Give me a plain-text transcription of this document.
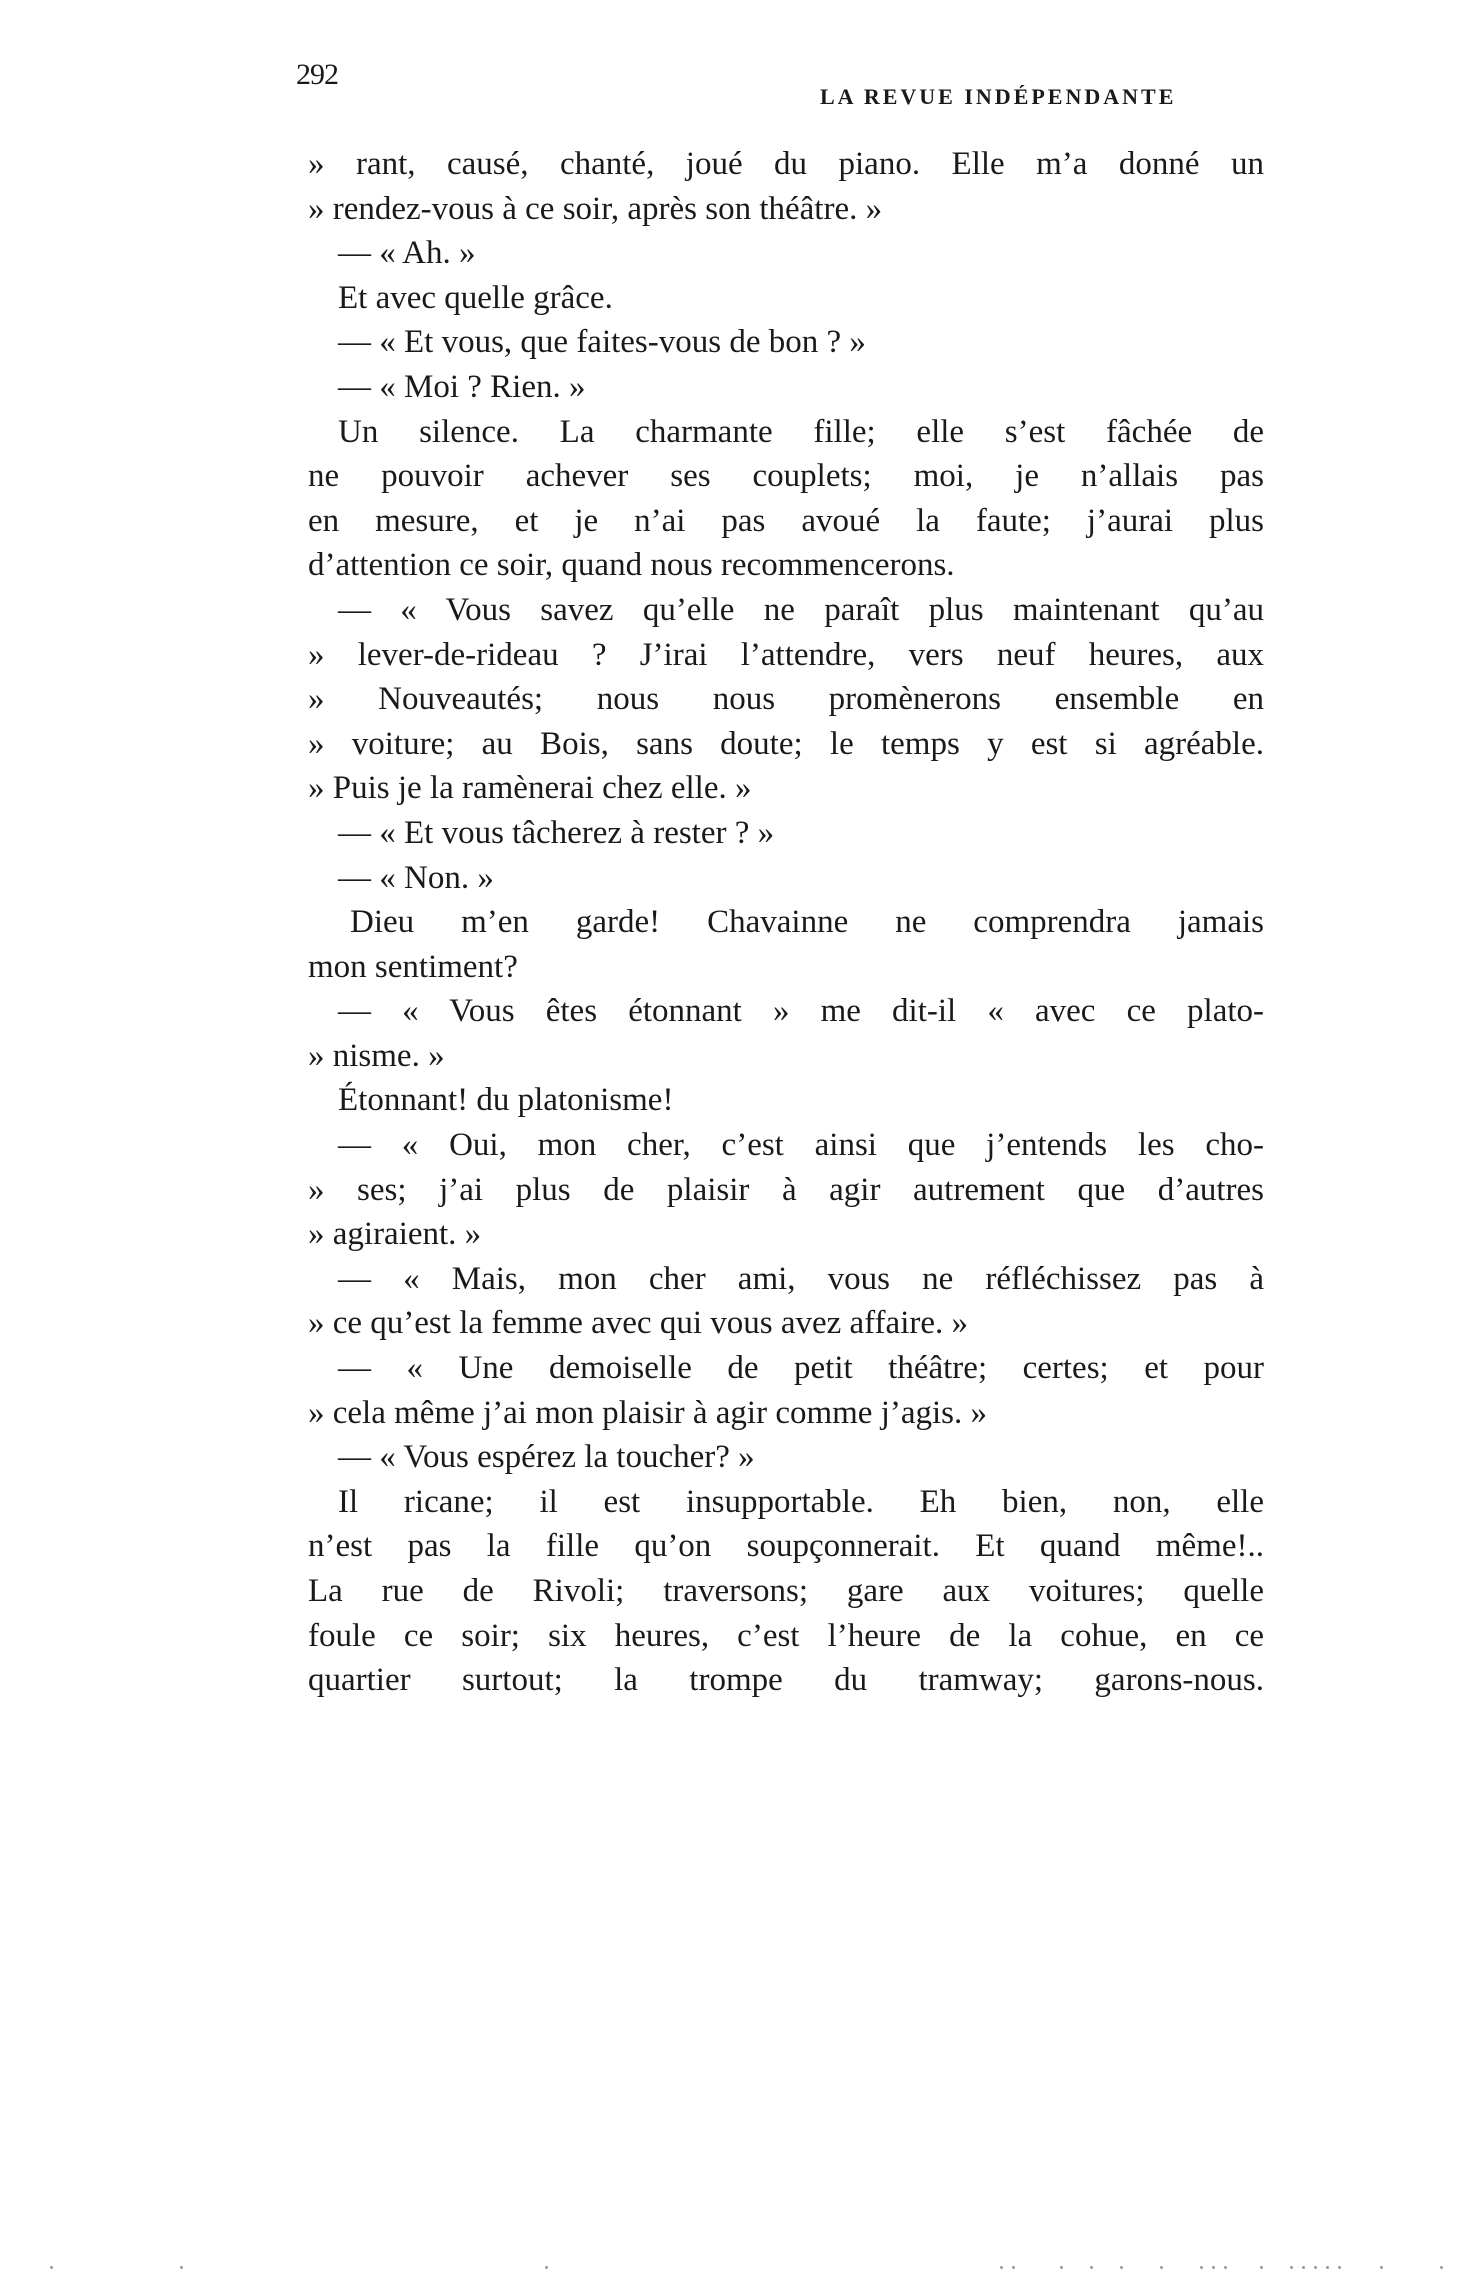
292
LA REVUE INDÉPENDANTE
» rant, causé, chanté, joué du piano. Elle m’a donné un
» rendez-vous à ce soir, après son théâtre. »
— « Ah. »
Et avec quelle grâce.
— « Et vous, que faites-vous de bon ? »
— « Moi ? Rien. »
Un silence. La charmante fille; elle s’est fâchée de
ne pouvoir achever ses couplets; moi, je n’allais pas
en mesure, et je n’ai pas avoué la faute; j’aurai plus
d’attention ce soir, quand nous recommencerons.
— « Vous savez qu’elle ne paraît plus maintenant qu’au
» lever-de-rideau ? J’irai l’attendre, vers neuf heures, aux
» Nouveautés; nous nous promènerons ensemble en
» voiture; au Bois, sans doute; le temps y est si agréable.
» Puis je la ramènerai chez elle. »
— « Et vous tâcherez à rester ? »
— « Non. »
Dieu m’en garde! Chavainne ne comprendra jamais
mon sentiment?
— « Vous êtes étonnant » me dit-il « avec ce plato-
» nisme. »
Étonnant! du platonisme!
— « Oui, mon cher, c’est ainsi que j’entends les cho-
» ses; j’ai plus de plaisir à agir autrement que d’autres
» agiraient. »
— « Mais, mon cher ami, vous ne réfléchissez pas à
» ce qu’est la femme avec qui vous avez affaire. »
— « Une demoiselle de petit théâtre; certes; et pour
» cela même j’ai mon plaisir à agir comme j’agis. »
— « Vous espérez la toucher? »
Il ricane; il est insupportable. Eh bien, non, elle
n’est pas la fille qu’on soupçonnerait. Et quand même!..
La rue de Rivoli; traversons; gare aux voitures; quelle
foule ce soir; six heures, c’est l’heure de la cohue, en ce
quartier surtout; la trompe du tramway; garons-nous.
